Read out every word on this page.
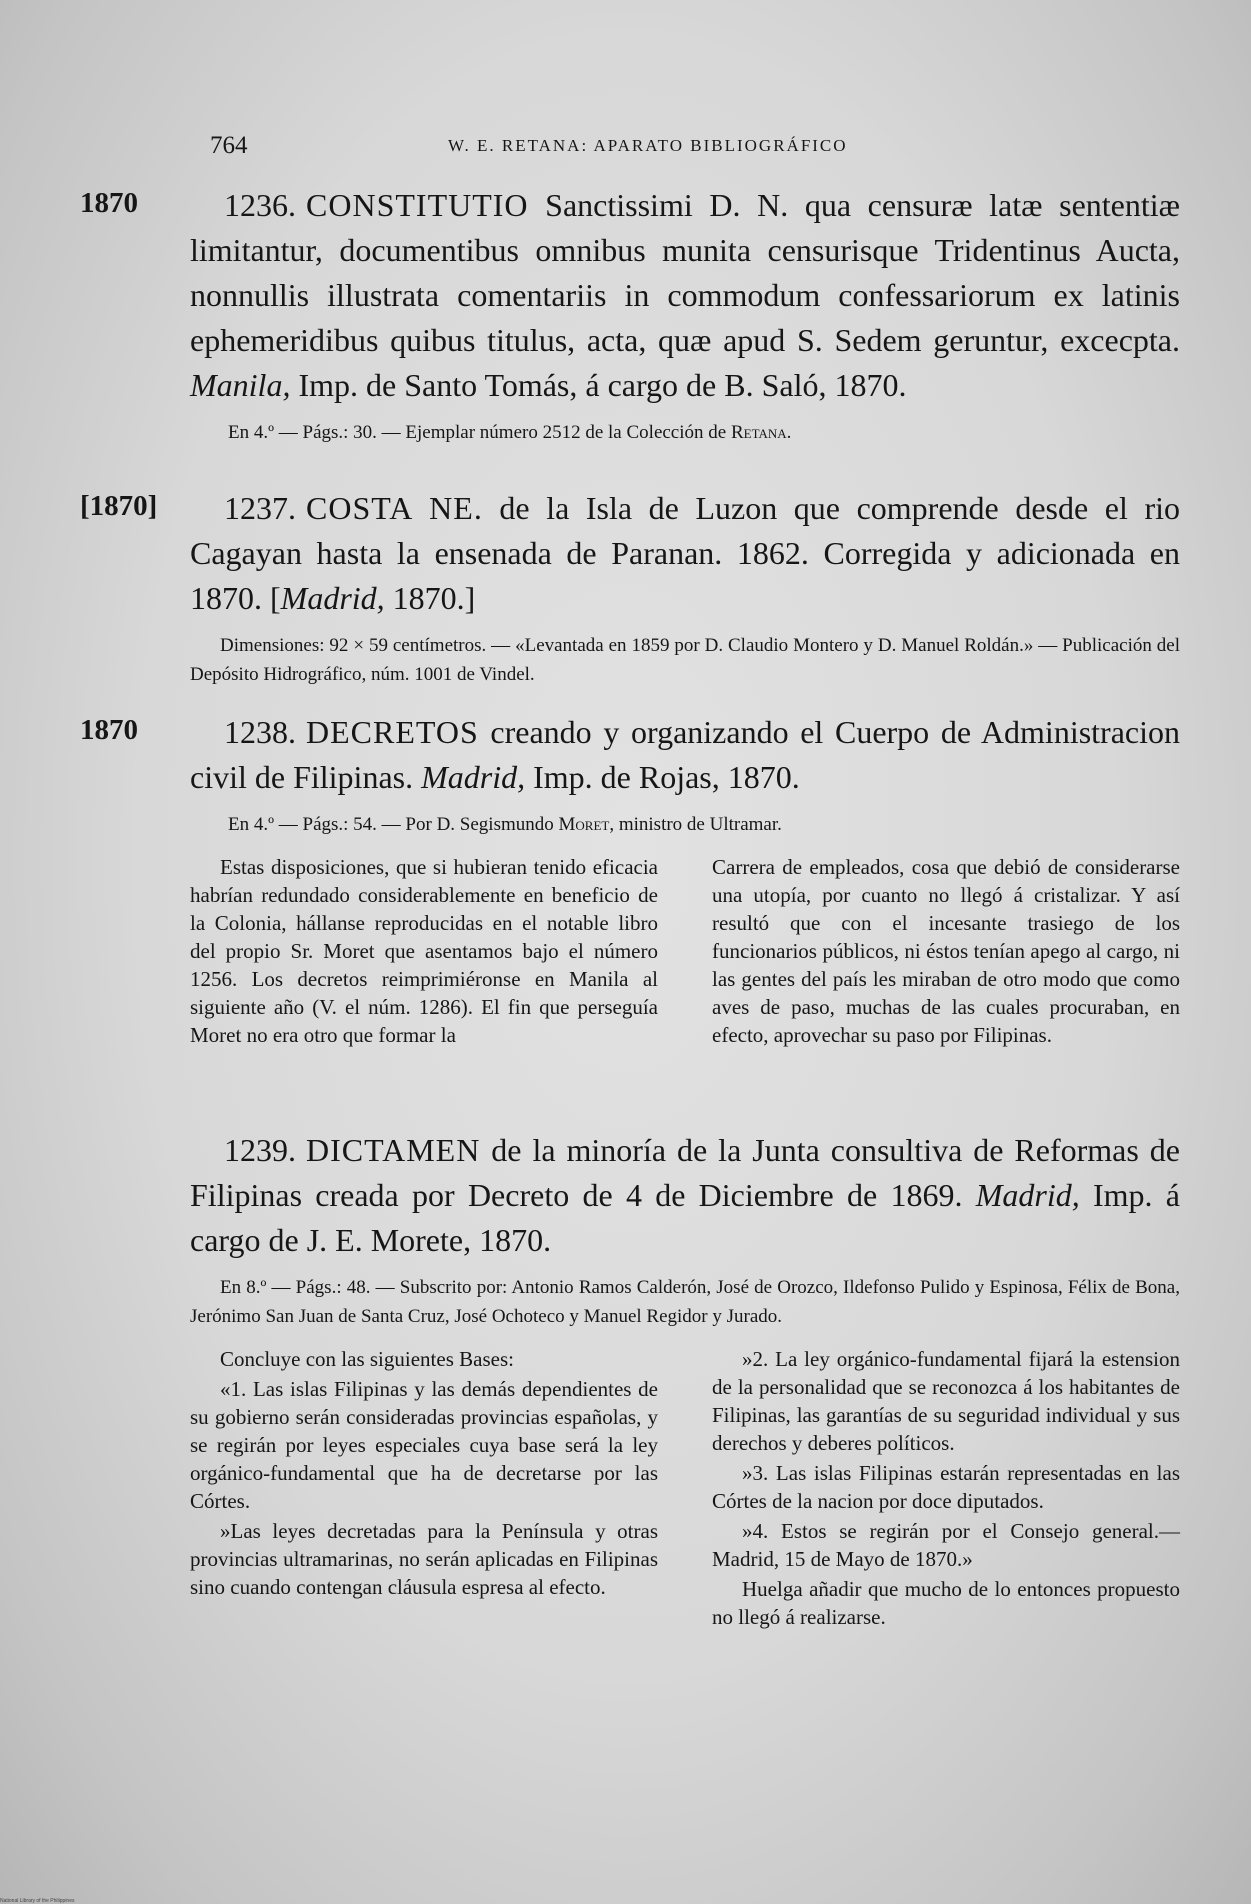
764	W. E. RETANA: APARATO BIBLIOGRÁFICO
1870	1236. CONSTITUTIO Sanctissimi D. N. qua censuræ latæ sententiæ limitantur, documentibus omnibus munita censurisque Tridentinus Aucta, nonnullis illustrata comentariis in commodum confessariorum ex latinis ephemeridibus quibus titulus, acta, quæ apud S. Sedem geruntur, excecpta. Manila, Imp. de Santo Tomás, á cargo de B. Saló, 1870.

En 4.º — Págs.: 30. — Ejemplar número 2512 de la Colección de Retana.

[1870]	1237. COSTA NE. de la Isla de Luzon que comprende desde el rio Cagayan hasta la ensenada de Paranan. 1862. Corregida y adicionada en 1870. [Madrid, 1870.]

Dimensiones: 92 × 59 centímetros. — «Levantada en 1859 por D. Claudio Montero y D. Manuel Roldán.» — Publicación del Depósito Hidrográfico, núm. 1001 de Vindel.

1870	1238. DECRETOS creando y organizando el Cuerpo de Administracion civil de Filipinas. Madrid, Imp. de Rojas, 1870.

En 4.º — Págs.: 54. — Por D. Segismundo Moret, ministro de Ultramar.

Estas disposiciones, que si hubieran tenido eficacia habrían redundado considerablemente en beneficio de la Colonia, hállanse reproducidas en el notable libro del propio Sr. Moret que asentamos bajo el número 1256. Los decretos reimprimiéronse en Manila al siguiente año (V. el núm. 1286). El fin que perseguía Moret no era otro que formar la

Carrera de empleados, cosa que debió de considerarse una utopía, por cuanto no llegó á cristalizar. Y así resultó que con el incesante trasiego de los funcionarios públicos, ni éstos tenían apego al cargo, ni las gentes del país les miraban de otro modo que como aves de paso, muchas de las cuales procuraban, en efecto, aprovechar su paso por Filipinas.

1239. DICTAMEN de la minoría de la Junta consultiva de Reformas de Filipinas creada por Decreto de 4 de Diciembre de 1869. Madrid, Imp. á cargo de J. E. Morete, 1870.

En 8.º — Págs.: 48. — Subscrito por: Antonio Ramos Calderón, José de Orozco, Ildefonso Pulido y Espinosa, Félix de Bona, Jerónimo San Juan de Santa Cruz, José Ochoteco y Manuel Regidor y Jurado.

Concluye con las siguientes Bases:

«1. Las islas Filipinas y las demás dependientes de su gobierno serán consideradas provincias españolas, y se regirán por leyes especiales cuya base será la ley orgánico-fundamental que ha de decretarse por las Córtes.

»Las leyes decretadas para la Península y otras provincias ultramarinas, no serán aplicadas en Filipinas sino cuando contengan cláusula espresa al efecto.

»2. La ley orgánico-fundamental fijará la estension de la personalidad que se reconozca á los habitantes de Filipinas, las garantías de su seguridad individual y sus derechos y deberes políticos.

»3. Las islas Filipinas estarán representadas en las Córtes de la nacion por doce diputados.

»4. Estos se regirán por el Consejo general.—Madrid, 15 de Mayo de 1870.»

Huelga añadir que mucho de lo entonces propuesto no llegó á realizarse.

National Library of the Philippines
